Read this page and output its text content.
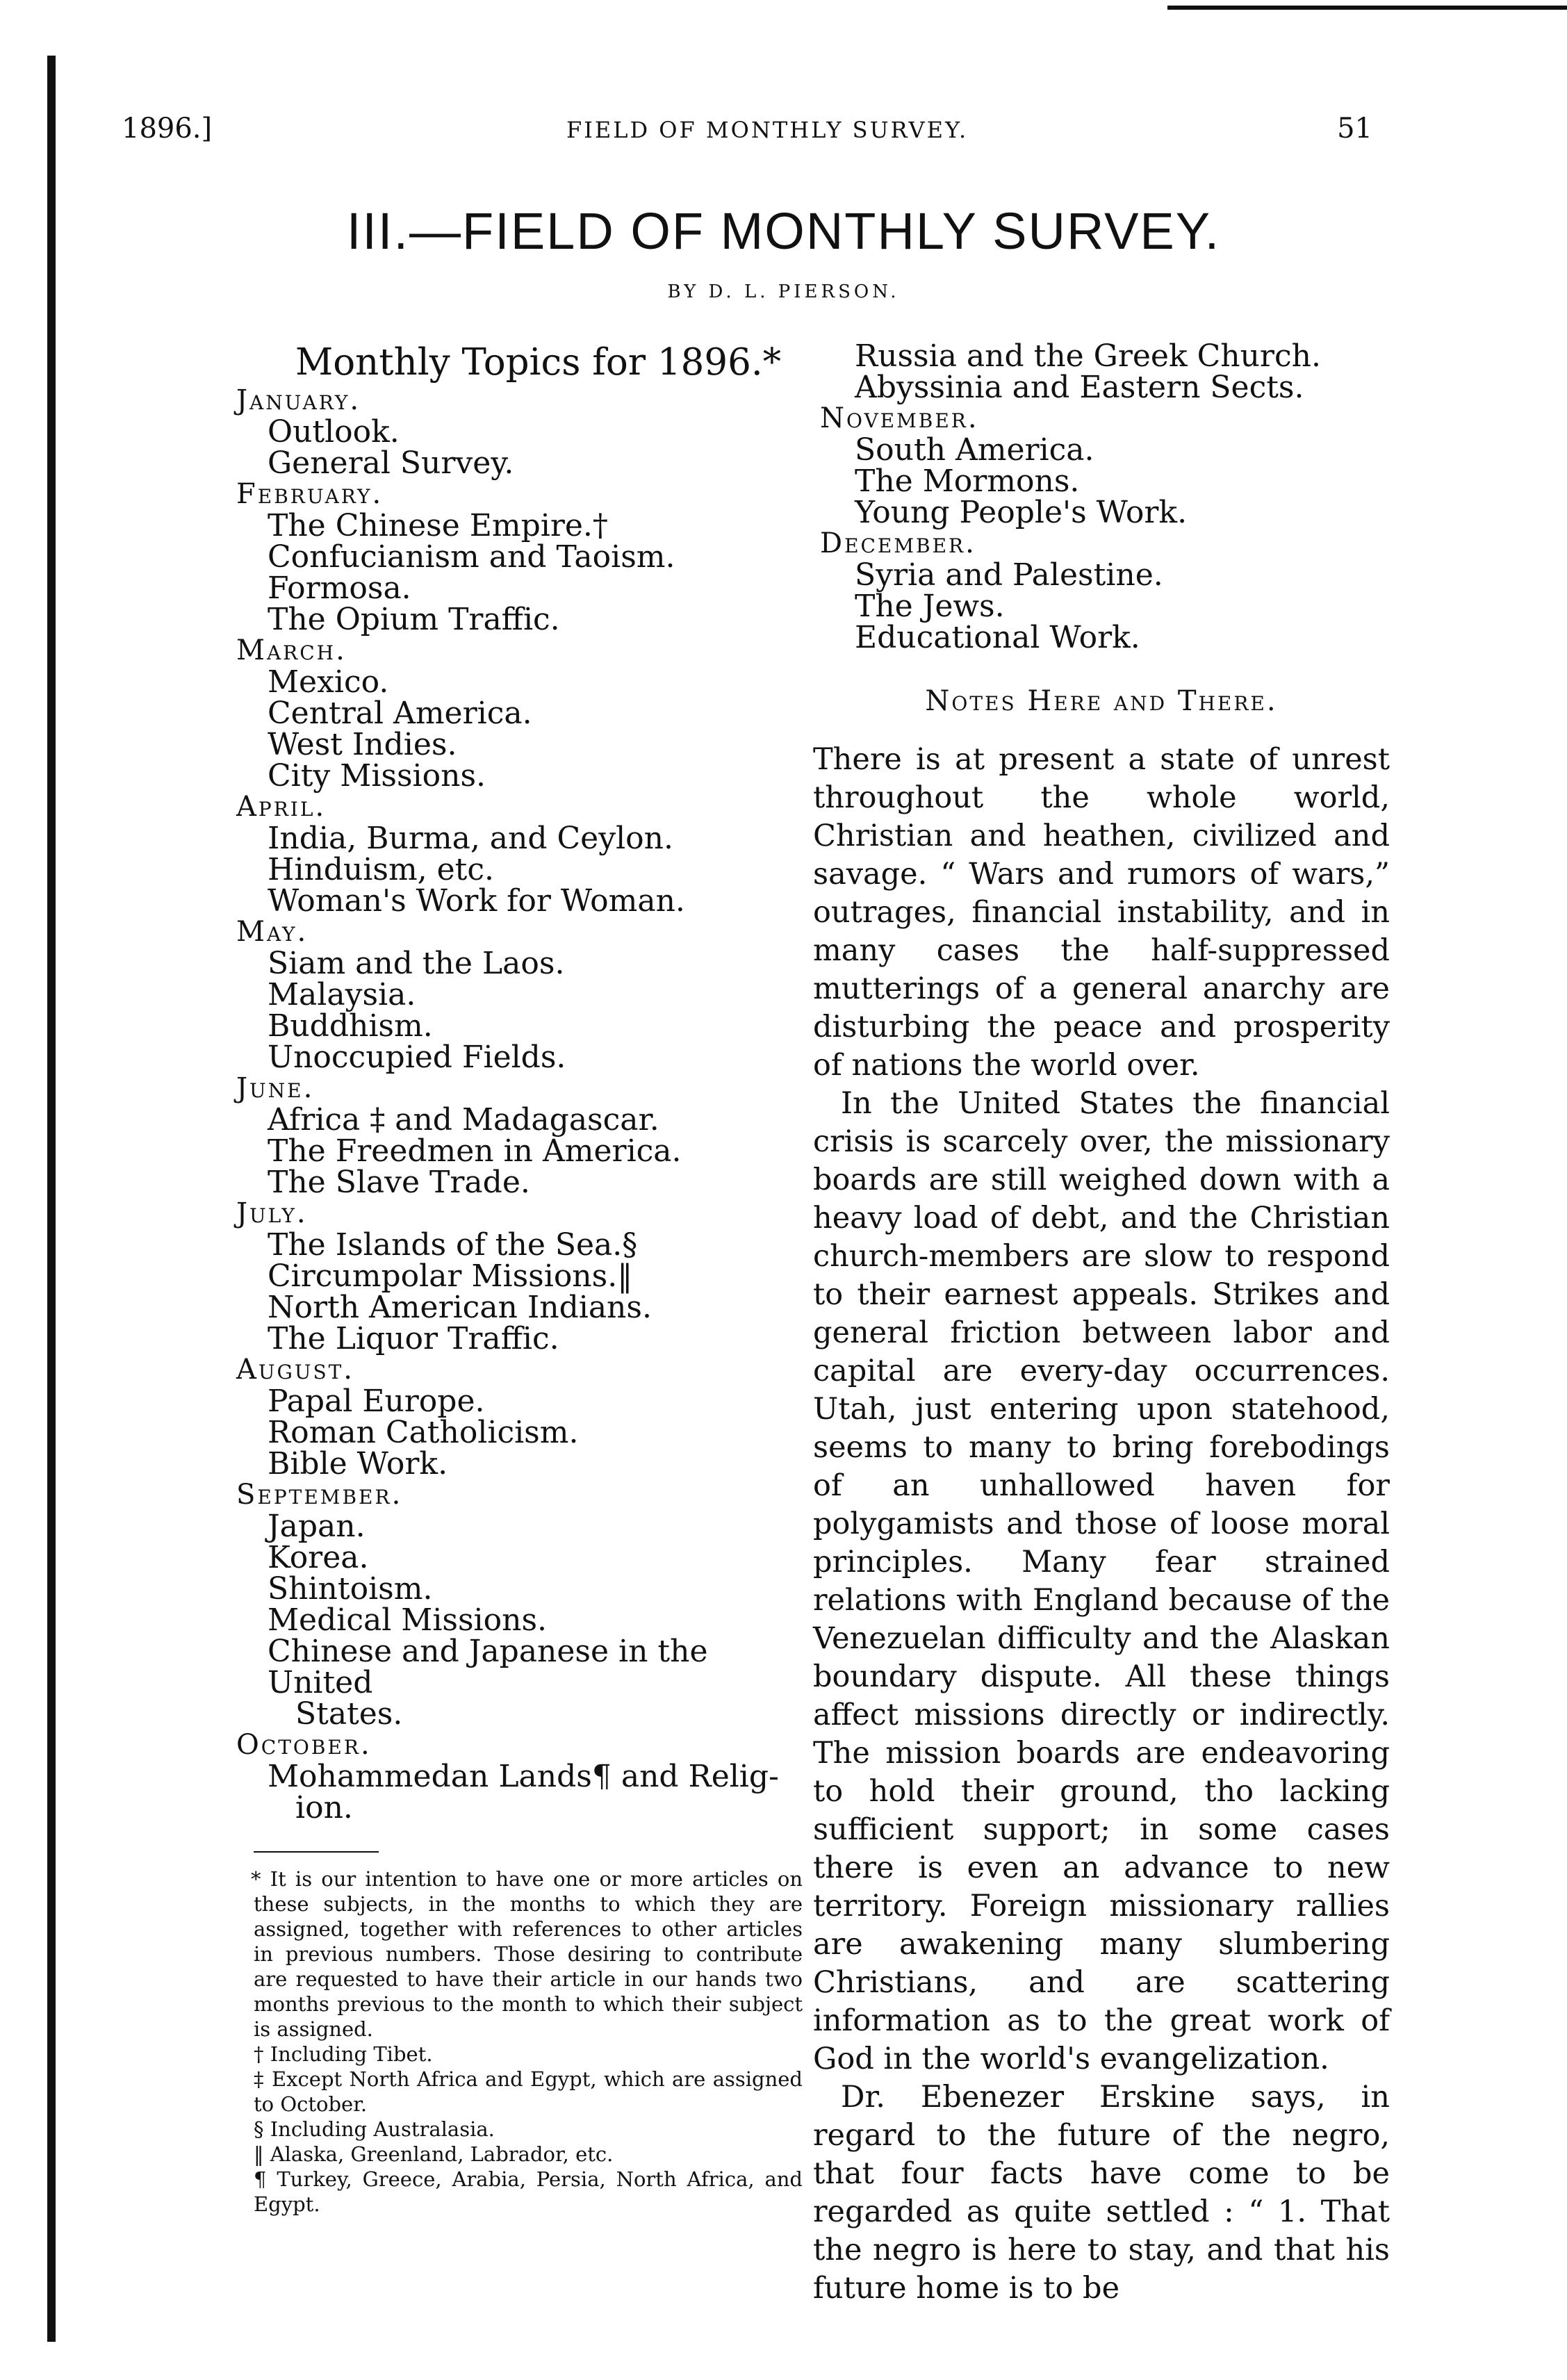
1896.]	FIELD OF MONTHLY SURVEY.	51
III.—FIELD OF MONTHLY SURVEY.
BY D. L. PIERSON.
Monthly Topics for 1896.*
January.
Outlook.
General Survey.
February.
The Chinese Empire.†
Confucianism and Taoism.
Formosa.
The Opium Traffic.
March.
Mexico.
Central America.
West Indies.
City Missions.
April.
India, Burma, and Ceylon.
Hinduism, etc.
Woman's Work for Woman.
May.
Siam and the Laos.
Malaysia.
Buddhism.
Unoccupied Fields.
June.
Africa ‡ and Madagascar.
The Freedmen in America.
The Slave Trade.
July.
The Islands of the Sea.§
Circumpolar Missions.‖
North American Indians.
The Liquor Traffic.
August.
Papal Europe.
Roman Catholicism.
Bible Work.
September.
Japan.
Korea.
Shintoism.
Medical Missions.
Chinese and Japanese in the United
States.
October.
Mohammedan Lands¶ and Relig-
ion.
* It is our intention to have one or more articles on these subjects, in the months to which they are assigned, together with references to other articles in previous numbers. Those desiring to contribute are requested to have their article in our hands two months previous to the month to which their subject is assigned.
† Including Tibet.
‡ Except North Africa and Egypt, which are assigned to October.
§ Including Australasia.
‖ Alaska, Greenland, Labrador, etc.
¶ Turkey, Greece, Arabia, Persia, North Africa, and Egypt.
Russia and the Greek Church.
Abyssinia and Eastern Sects.
November.
South America.
The Mormons.
Young People's Work.
December.
Syria and Palestine.
The Jews.
Educational Work.
Notes Here and There.

There is at present a state of unrest throughout the whole world, Christian and heathen, civilized and savage. “ Wars and rumors of wars,” outrages, financial instability, and in many cases the half-suppressed mutterings of a general anarchy are disturbing the peace and prosperity of nations the world over.

In the United States the financial crisis is scarcely over, the missionary boards are still weighed down with a heavy load of debt, and the Christian church-members are slow to respond to their earnest appeals. Strikes and general friction between labor and capital are every-day occurrences. Utah, just entering upon statehood, seems to many to bring forebodings of an unhallowed haven for polygamists and those of loose moral principles. Many fear strained relations with England because of the Venezuelan difficulty and the Alaskan boundary dispute. All these things affect missions directly or indirectly. The mission boards are endeavoring to hold their ground, tho lacking sufficient support; in some cases there is even an advance to new territory. Foreign missionary rallies are awakening many slumbering Christians, and are scattering information as to the great work of God in the world's evangelization.

Dr. Ebenezer Erskine says, in regard to the future of the negro, that four facts have come to be regarded as quite settled : “ 1. That the negro is here to stay, and that his future home is to be
